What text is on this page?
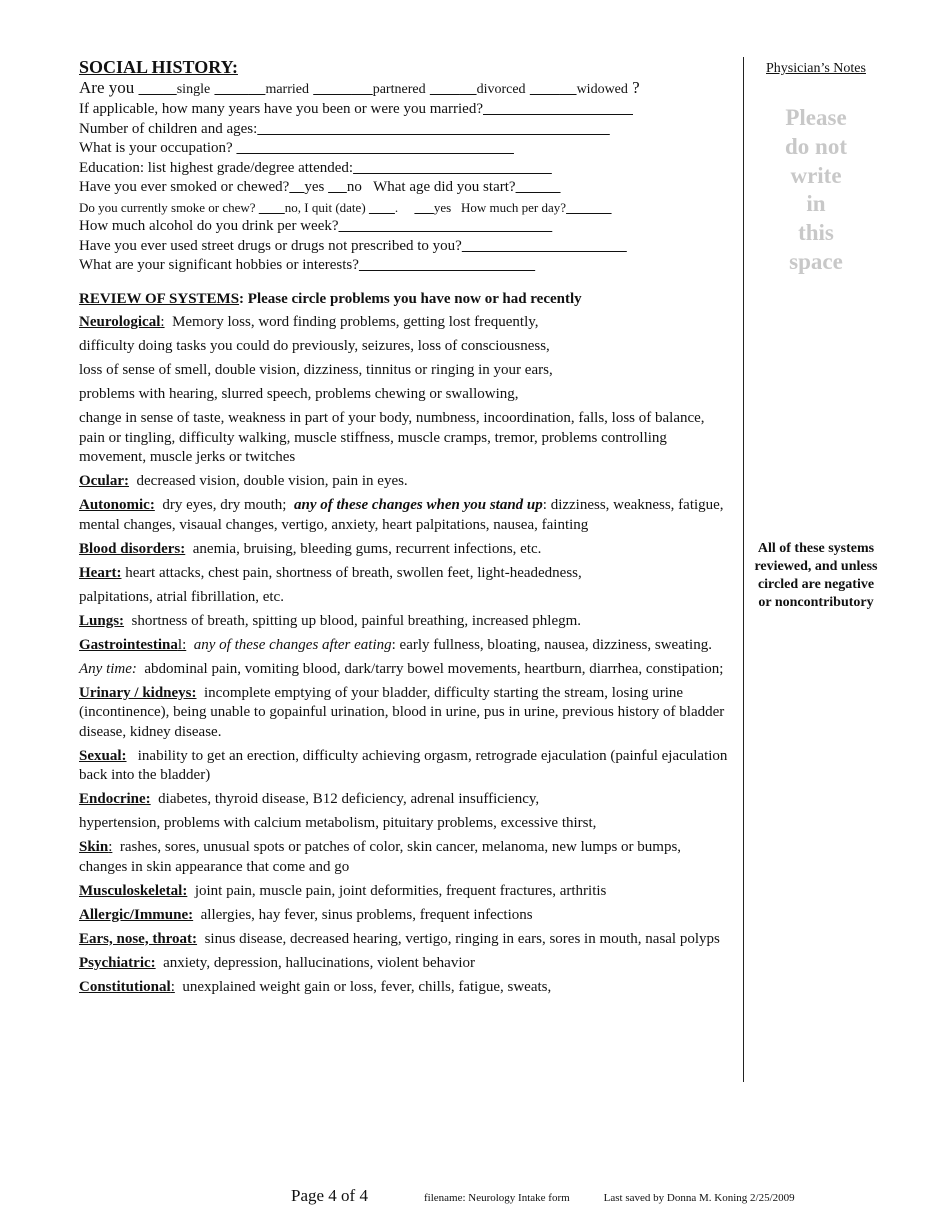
SOCIAL HISTORY:
Are you	single	married	partnered	divorced	widowed ?
If applicable, how many years have you been or were you married?
Number of children and ages:
What is your occupation?
Education: list highest grade/degree attended:
Have you ever smoked or chewed? yes no What age did you start?
Do you currently smoke or chew? no, I quit (date) .           yes How much per day?
How much alcohol do you drink per week?
Have you ever used street drugs or drugs not prescribed to you?
What are your significant hobbies or interests?
REVIEW OF SYSTEMS: Please circle problems you have now or had recently
Neurological: Memory loss, word finding problems, getting lost frequently,
difficulty doing tasks you could do previously, seizures, loss of consciousness,
loss of sense of smell, double vision, dizziness, tinnitus or ringing in your ears,
problems with hearing, slurred speech, problems chewing or swallowing,
change in sense of taste, weakness in part of your body, numbness, incoordination, falls, loss of balance, pain or tingling, difficulty walking, muscle stiffness, muscle cramps, tremor, problems controlling movement, muscle jerks or twitches
Ocular: decreased vision, double vision, pain in eyes.
Autonomic: dry eyes, dry mouth; any of these changes when you stand up: dizziness, weakness, fatigue, mental changes, visaual changes, vertigo, anxiety, heart palpitations, nausea, fainting
Blood disorders: anemia, bruising, bleeding gums, recurrent infections, etc.
Heart: heart attacks, chest pain, shortness of breath, swollen feet, light-headedness,
palpitations, atrial fibrillation, etc.
Lungs: shortness of breath, spitting up blood, painful breathing, increased phlegm.
Gastrointestinal: any of these changes after eating: early fullness, bloating, nausea, dizziness, sweating.
Any time: abdominal pain, vomiting blood, dark/tarry bowel movements, heartburn, diarrhea, constipation;
Urinary / kidneys: incomplete emptying of your bladder, difficulty starting the stream, losing urine (incontinence), being unable to gopainful urination, blood in urine, pus in urine, previous history of bladder disease, kidney disease.
Sexual: inability to get an erection, difficulty achieving orgasm, retrograde ejaculation (painful ejaculation back into the bladder)
Endocrine: diabetes, thyroid disease, B12 deficiency, adrenal insufficiency,
hypertension, problems with calcium metabolism, pituitary problems, excessive thirst,
Skin: rashes, sores, unusual spots or patches of color, skin cancer, melanoma, new lumps or bumps, changes in skin appearance that come and go
Musculoskeletal: joint pain, muscle pain, joint deformities, frequent fractures, arthritis
Allergic/Immune: allergies, hay fever, sinus problems, frequent infections
Ears, nose, throat: sinus disease, decreased hearing, vertigo, ringing in ears, sores in mouth, nasal polyps
Psychiatric: anxiety, depression, hallucinations, violent behavior
Constitutional: unexplained weight gain or loss, fever, chills, fatigue, sweats,
Physician’s Notes
Please
do not
write
in
this
space
All of these systems reviewed, and unless circled are negative or noncontributory
Page 4 of 4	filename: Neurology Intake form	Last saved by Donna M. Koning 2/25/2009
